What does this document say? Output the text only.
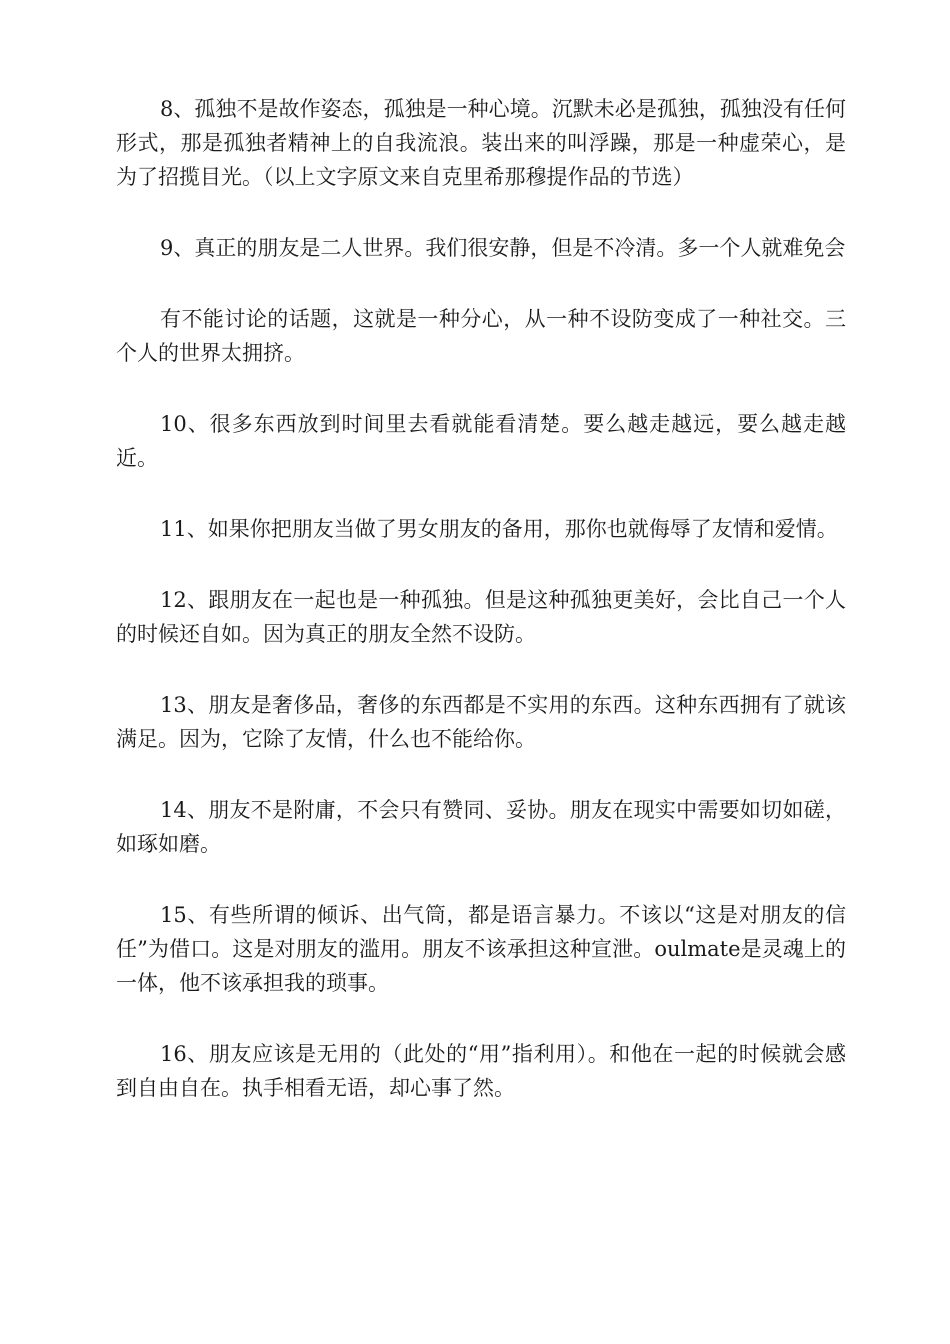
8、孤独不是故作姿态，孤独是一种心境。沉默未必是孤独，孤独没有任何形式，那是孤独者精神上的自我流浪。装出来的叫浮躁，那是一种虚荣心，是为了招揽目光。（以上文字原文来自克里希那穆提作品的节选）

9、真正的朋友是二人世界。我们很安静，但是不冷清。多一个人就难免会

有不能讨论的话题，这就是一种分心，从一种不设防变成了一种社交。三个人的世界太拥挤。

10、很多东西放到时间里去看就能看清楚。要么越走越远，要么越走越近。

11、如果你把朋友当做了男女朋友的备用，那你也就侮辱了友情和爱情。

12、跟朋友在一起也是一种孤独。但是这种孤独更美好，会比自己一个人的时候还自如。因为真正的朋友全然不设防。

13、朋友是奢侈品，奢侈的东西都是不实用的东西。这种东西拥有了就该满足。因为，它除了友情，什么也不能给你。

14、朋友不是附庸，不会只有赞同、妥协。朋友在现实中需要如切如磋，如琢如磨。

15、有些所谓的倾诉、出气筒，都是语言暴力。不该以“这是对朋友的信任”为借口。这是对朋友的滥用。朋友不该承担这种宣泄。oulmate是灵魂上的一体，他不该承担我的琐事。

16、朋友应该是无用的（此处的“用”指利用）。和他在一起的时候就会感到自由自在。执手相看无语，却心事了然。
